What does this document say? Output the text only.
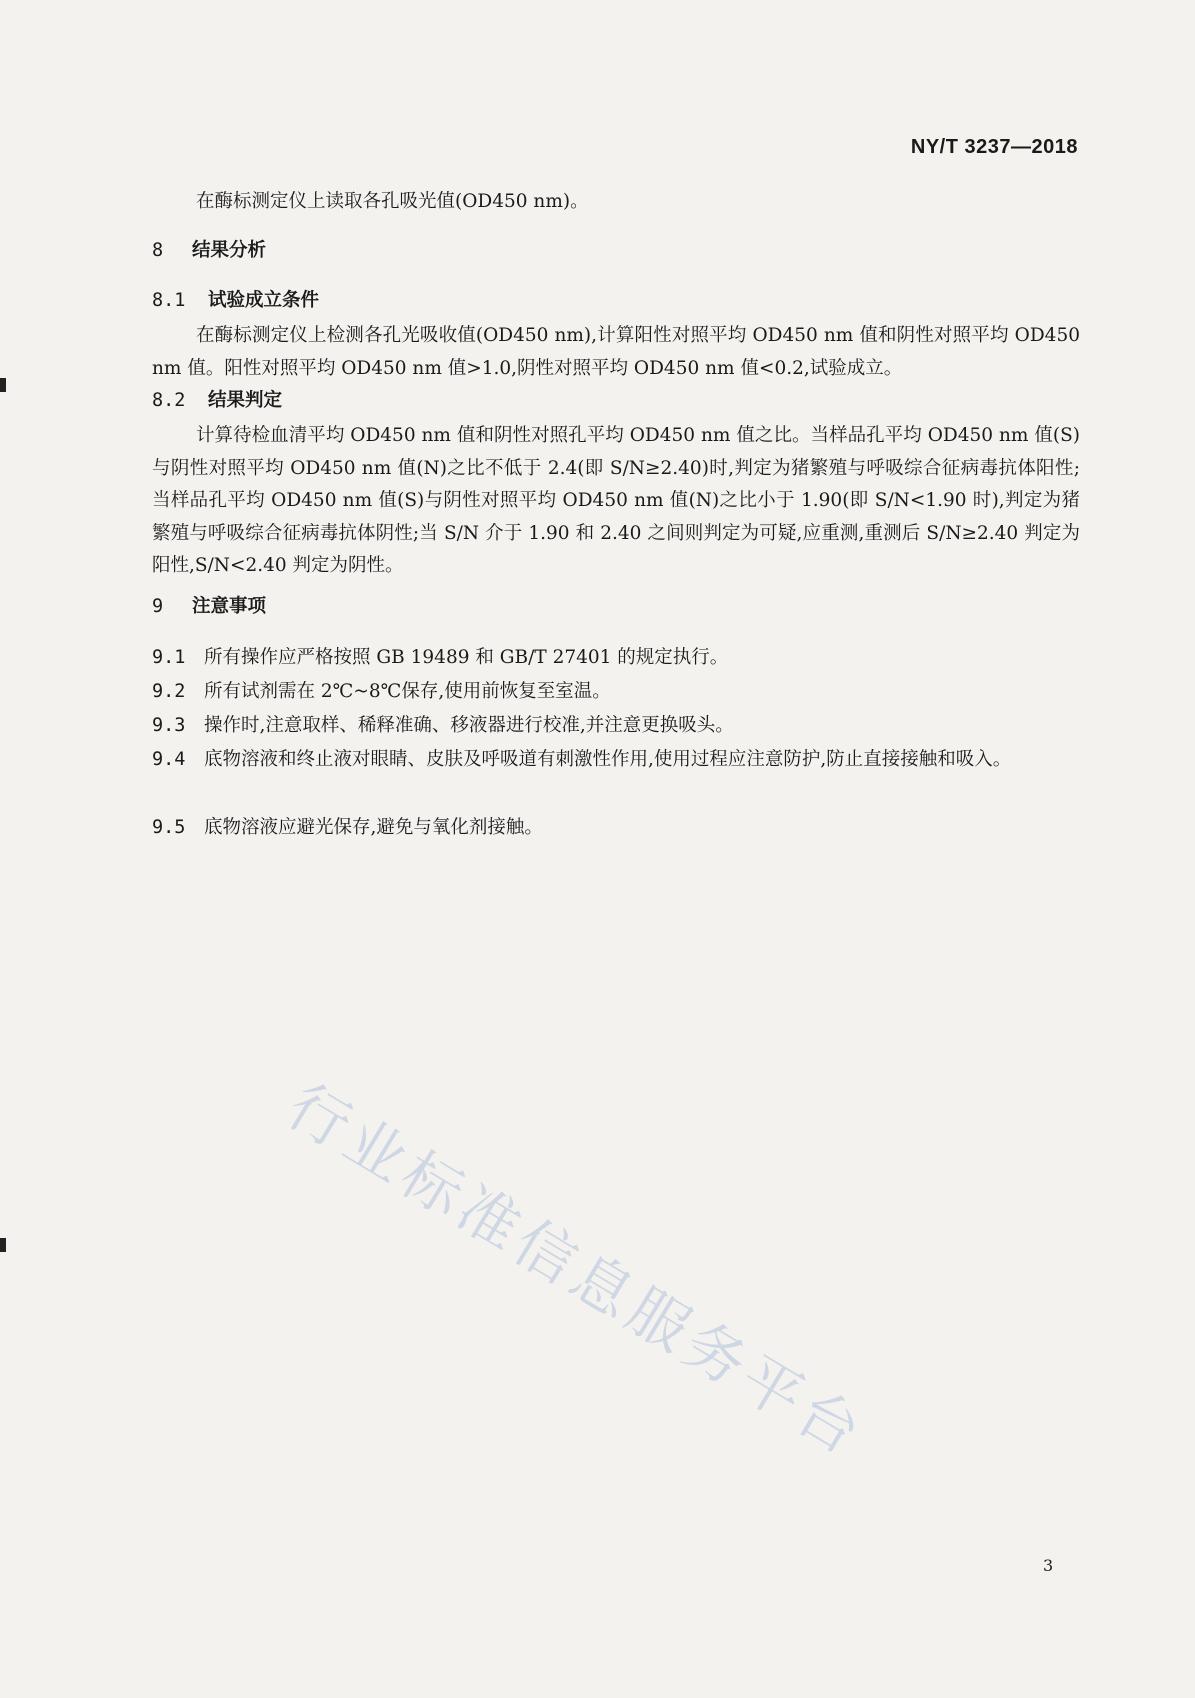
NY/T 3237—2018
在酶标测定仪上读取各孔吸光值(OD450 nm)。
8 结果分析
8.1 试验成立条件
在酶标测定仪上检测各孔光吸收值(OD450 nm),计算阳性对照平均 OD450 nm 值和阴性对照平均 OD450 nm 值。阳性对照平均 OD450 nm 值>1.0,阴性对照平均 OD450 nm 值<0.2,试验成立。
8.2 结果判定
计算待检血清平均 OD450 nm 值和阴性对照孔平均 OD450 nm 值之比。当样品孔平均 OD450 nm 值(S)与阴性对照平均 OD450 nm 值(N)之比不低于 2.4(即 S/N≥2.40)时,判定为猪繁殖与呼吸综合征病毒抗体阳性;当样品孔平均 OD450 nm 值(S)与阴性对照平均 OD450 nm 值(N)之比小于 1.90(即 S/N<1.90 时),判定为猪繁殖与呼吸综合征病毒抗体阴性;当 S/N 介于 1.90 和 2.40 之间则判定为可疑,应重测,重测后 S/N≥2.40 判定为阳性,S/N<2.40 判定为阴性。
9 注意事项
9.1 所有操作应严格按照 GB 19489 和 GB/T 27401 的规定执行。
9.2 所有试剂需在 2℃~8℃保存,使用前恢复至室温。
9.3 操作时,注意取样、稀释准确、移液器进行校准,并注意更换吸头。
9.4 底物溶液和终止液对眼睛、皮肤及呼吸道有刺激性作用,使用过程应注意防护,防止直接接触和吸入。
9.5 底物溶液应避光保存,避免与氧化剂接触。
行业标准信息服务平台
3
